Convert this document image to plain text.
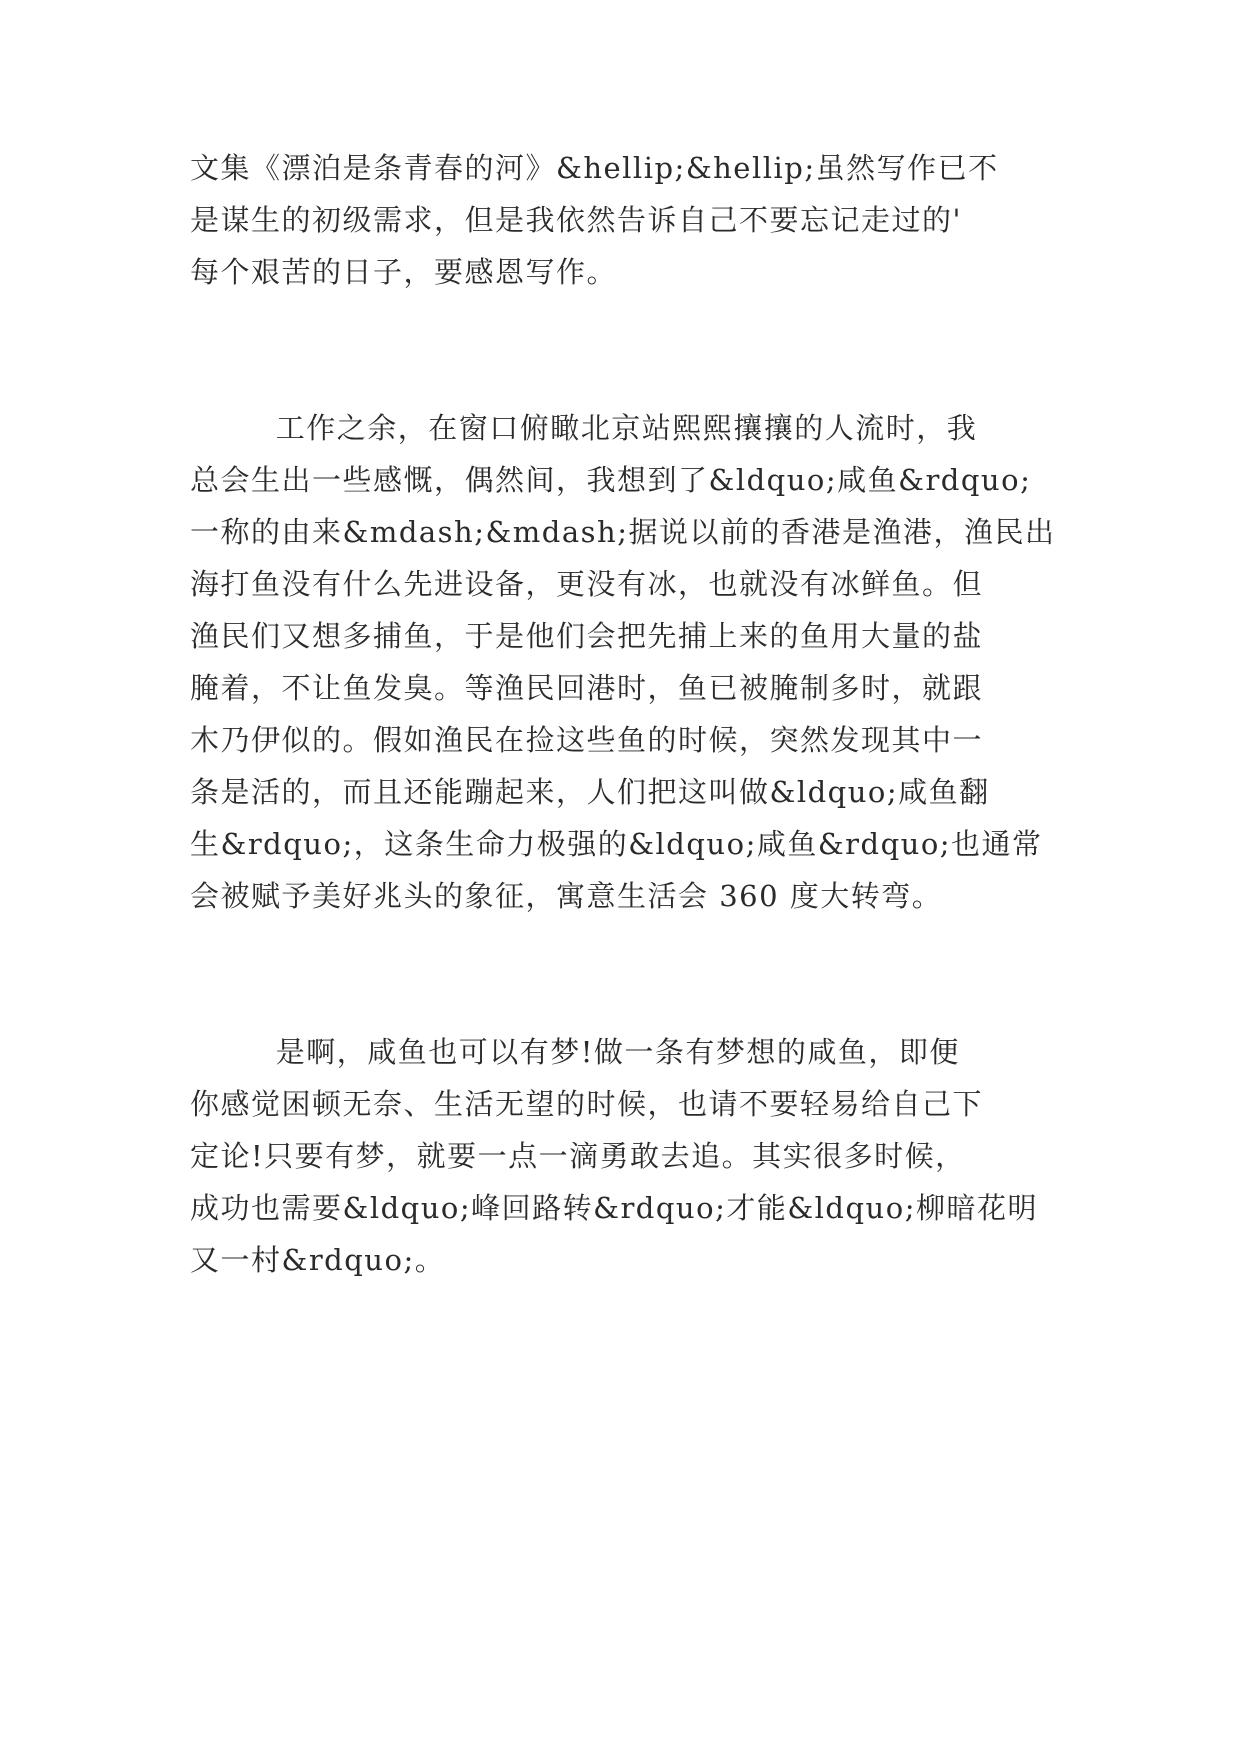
文集《漂泊是条青春的河》&hellip;&hellip;虽然写作已不
是谋生的初级需求，但是我依然告诉自己不要忘记走过的'
每个艰苦的日子，要感恩写作。
工作之余，在窗口俯瞰北京站熙熙攘攘的人流时，我
总会生出一些感慨，偶然间，我想到了&ldquo;咸鱼&rdquo;
一称的由来&mdash;&mdash;据说以前的香港是渔港，渔民出
海打鱼没有什么先进设备，更没有冰，也就没有冰鲜鱼。但
渔民们又想多捕鱼，于是他们会把先捕上来的鱼用大量的盐
腌着，不让鱼发臭。等渔民回港时，鱼已被腌制多时，就跟
木乃伊似的。假如渔民在捡这些鱼的时候，突然发现其中一
条是活的，而且还能蹦起来，人们把这叫做&ldquo;咸鱼翻
生&rdquo;，这条生命力极强的&ldquo;咸鱼&rdquo;也通常
会被赋予美好兆头的象征，寓意生活会 360 度大转弯。
是啊，咸鱼也可以有梦!做一条有梦想的咸鱼，即便
你感觉困顿无奈、生活无望的时候，也请不要轻易给自己下
定论!只要有梦，就要一点一滴勇敢去追。其实很多时候，
成功也需要&ldquo;峰回路转&rdquo;才能&ldquo;柳暗花明
又一村&rdquo;。
